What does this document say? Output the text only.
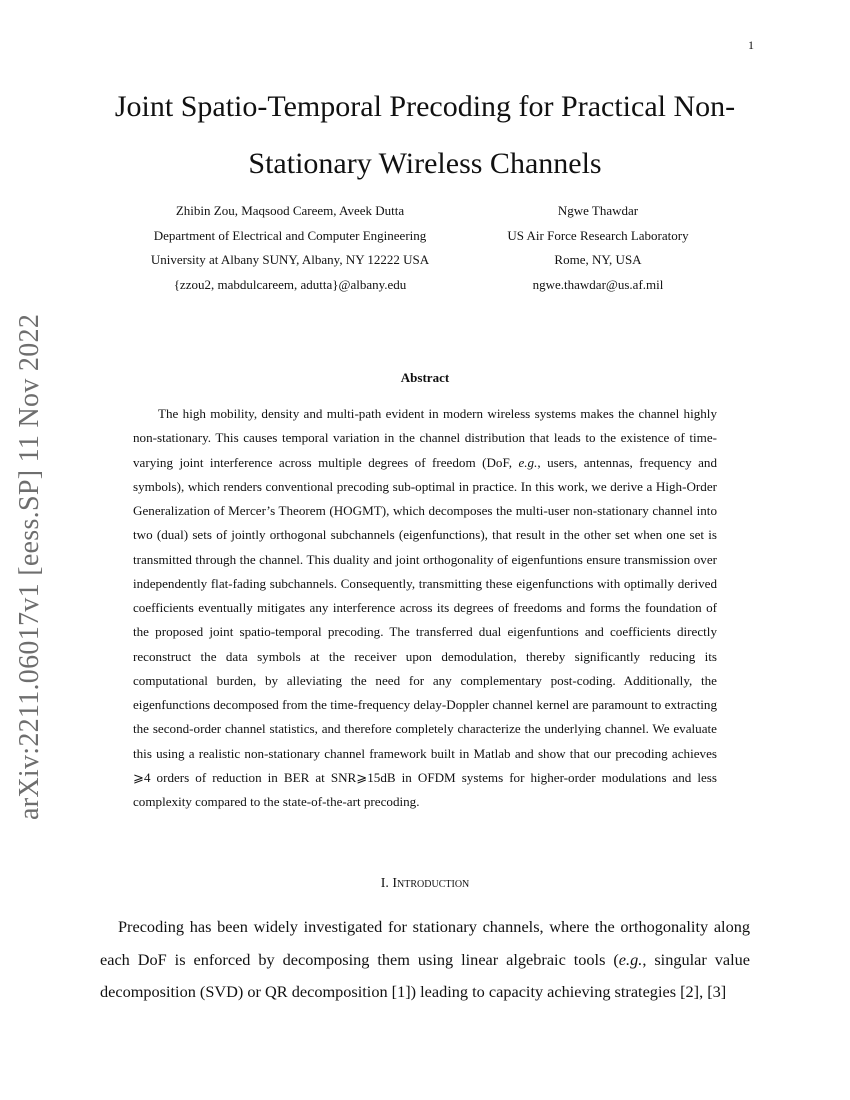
1
arXiv:2211.06017v1 [eess.SP] 11 Nov 2022
Joint Spatio-Temporal Precoding for Practical Non-Stationary Wireless Channels
Zhibin Zou, Maqsood Careem, Aveek Dutta
Department of Electrical and Computer Engineering
University at Albany SUNY, Albany, NY 12222 USA
{zzou2, mabdulcareem, adutta}@albany.edu
Ngwe Thawdar
US Air Force Research Laboratory
Rome, NY, USA
ngwe.thawdar@us.af.mil
Abstract

The high mobility, density and multi-path evident in modern wireless systems makes the channel highly non-stationary. This causes temporal variation in the channel distribution that leads to the existence of time-varying joint interference across multiple degrees of freedom (DoF, e.g., users, antennas, frequency and symbols), which renders conventional precoding sub-optimal in practice. In this work, we derive a High-Order Generalization of Mercer’s Theorem (HOGMT), which decomposes the multi-user non-stationary channel into two (dual) sets of jointly orthogonal subchannels (eigenfunctions), that result in the other set when one set is transmitted through the channel. This duality and joint orthogonality of eigenfuntions ensure transmission over independently flat-fading subchannels. Consequently, transmitting these eigenfunctions with optimally derived coefficients eventually mitigates any interference across its degrees of freedoms and forms the foundation of the proposed joint spatio-temporal precoding. The transferred dual eigenfuntions and coefficients directly reconstruct the data symbols at the receiver upon demodulation, thereby significantly reducing its computational burden, by alleviating the need for any complementary post-coding. Additionally, the eigenfunctions decomposed from the time-frequency delay-Doppler channel kernel are paramount to extracting the second-order channel statistics, and therefore completely characterize the underlying channel. We evaluate this using a realistic non-stationary channel framework built in Matlab and show that our precoding achieves ⩾4 orders of reduction in BER at SNR⩾15dB in OFDM systems for higher-order modulations and less complexity compared to the state-of-the-art precoding.

I. Introduction

Precoding has been widely investigated for stationary channels, where the orthogonality along each DoF is enforced by decomposing them using linear algebraic tools (e.g., singular value decomposition (SVD) or QR decomposition [1]) leading to capacity achieving strategies [2], [3]
